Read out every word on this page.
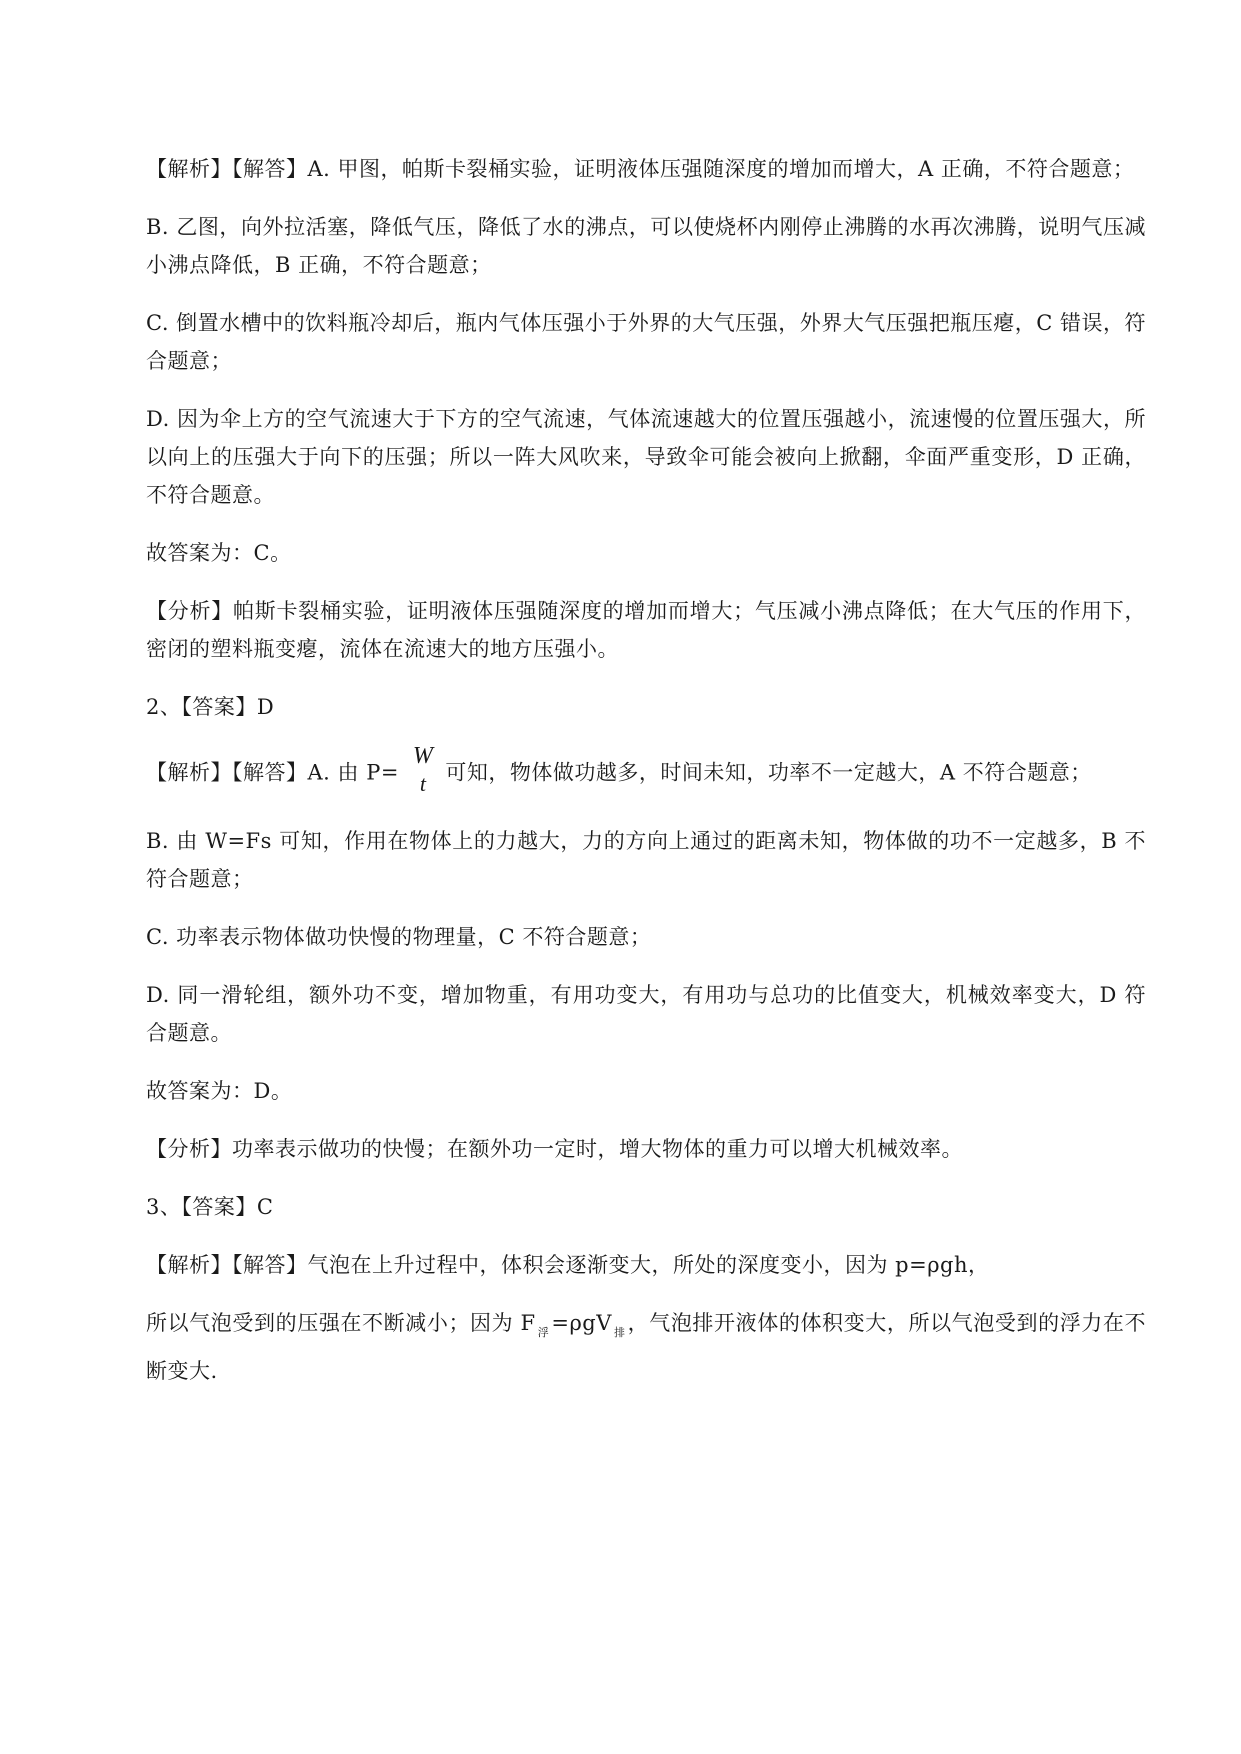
【解析】【解答】A. 甲图，帕斯卡裂桶实验，证明液体压强随深度的增加而增大，A 正确，不符合题意；

B. 乙图，向外拉活塞，降低气压，降低了水的沸点，可以使烧杯内刚停止沸腾的水再次沸腾，说明气压减小沸点降低，B 正确，不符合题意；

C. 倒置水槽中的饮料瓶冷却后，瓶内气体压强小于外界的大气压强，外界大气压强把瓶压瘪，C 错误，符合题意；

D. 因为伞上方的空气流速大于下方的空气流速，气体流速越大的位置压强越小，流速慢的位置压强大，所以向上的压强大于向下的压强；所以一阵大风吹来，导致伞可能会被向上掀翻，伞面严重变形，D 正确，不符合题意。

故答案为：C。

【分析】帕斯卡裂桶实验，证明液体压强随深度的增加而增大；气压减小沸点降低；在大气压的作用下，密闭的塑料瓶变瘪，流体在流速大的地方压强小。

2、【答案】D

【解析】【解答】A. 由 P=
W
t 可知，物体做功越多，时间未知，功率不一定越大，A 不符合题意；

B. 由 W=Fs 可知，作用在物体上的力越大，力的方向上通过的距离未知，物体做的功不一定越多，B 不符合题意；

C. 功率表示物体做功快慢的物理量，C 不符合题意；

D. 同一滑轮组，额外功不变，增加物重，有用功变大，有用功与总功的比值变大，机械效率变大，D 符合题意。

故答案为：D。

【分析】功率表示做功的快慢；在额外功一定时，增大物体的重力可以增大机械效率。

3、【答案】C

【解析】【解答】气泡在上升过程中，体积会逐渐变大，所处的深度变小，因为 p=ρgh，

所以气泡受到的压强在不断减小；因为 F $_浮$=ρgV $_排$，气泡排开液体的体积变大，所以气泡受到的浮力在不断变大.
